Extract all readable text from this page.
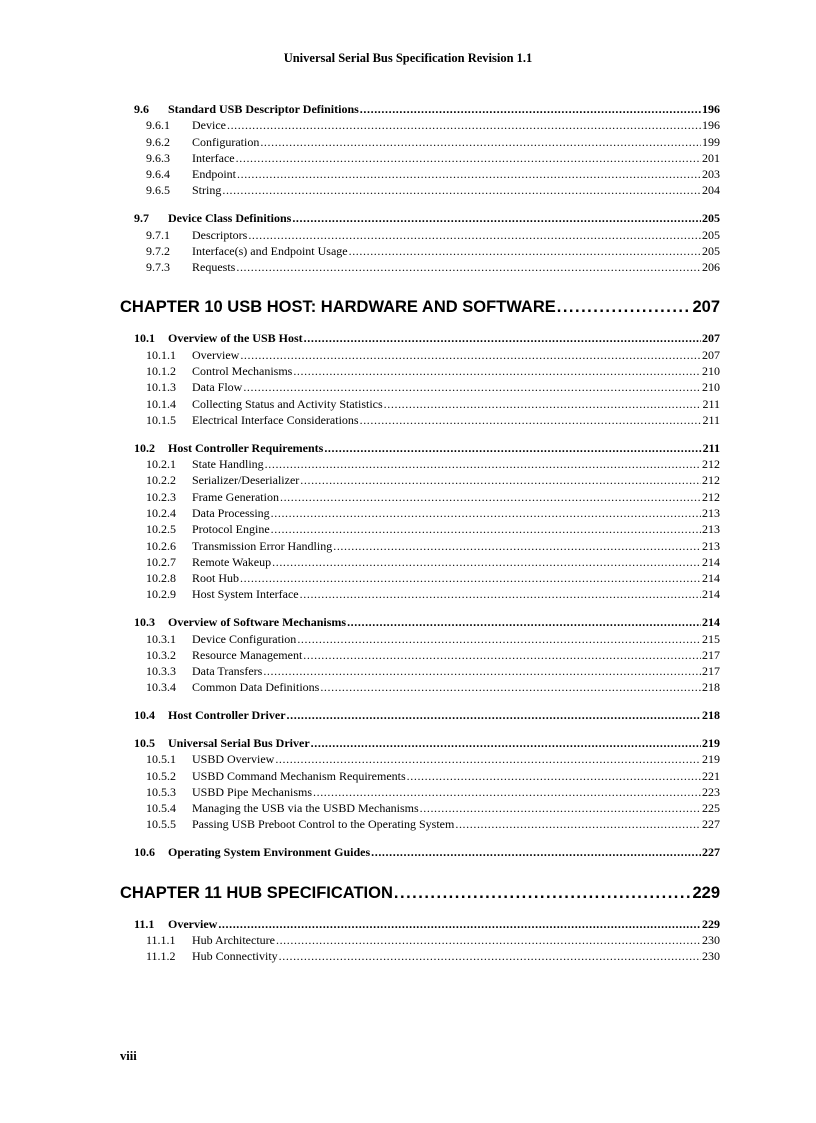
Universal Serial Bus Specification Revision 1.1
9.6	Standard USB Descriptor Definitions .....	196
9.6.1	Device .....	196
9.6.2	Configuration .....	199
9.6.3	Interface .....	201
9.6.4	Endpoint .....	203
9.6.5	String .....	204
9.7	Device Class Definitions .....	205
9.7.1	Descriptors .....	205
9.7.2	Interface(s) and Endpoint Usage .....	205
9.7.3	Requests .....	206
CHAPTER 10 USB HOST: HARDWARE AND SOFTWARE .....	207
10.1	Overview of the USB Host .....	207
10.1.1	Overview .....	207
10.1.2	Control Mechanisms .....	210
10.1.3	Data Flow .....	210
10.1.4	Collecting Status and Activity Statistics .....	211
10.1.5	Electrical Interface Considerations .....	211
10.2	Host Controller Requirements .....	211
10.2.1	State Handling .....	212
10.2.2	Serializer/Deserializer .....	212
10.2.3	Frame Generation .....	212
10.2.4	Data Processing .....	213
10.2.5	Protocol Engine .....	213
10.2.6	Transmission Error Handling .....	213
10.2.7	Remote Wakeup .....	214
10.2.8	Root Hub .....	214
10.2.9	Host System Interface .....	214
10.3	Overview of Software Mechanisms .....	214
10.3.1	Device Configuration .....	215
10.3.2	Resource Management .....	217
10.3.3	Data Transfers .....	217
10.3.4	Common Data Definitions .....	218
10.4	Host Controller Driver .....	218
10.5	Universal Serial Bus Driver .....	219
10.5.1	USBD Overview .....	219
10.5.2	USBD Command Mechanism Requirements .....	221
10.5.3	USBD Pipe Mechanisms .....	223
10.5.4	Managing the USB via the USBD Mechanisms .....	225
10.5.5	Passing USB Preboot Control to the Operating System .....	227
10.6	Operating System Environment Guides .....	227
CHAPTER 11 HUB SPECIFICATION .....	229
11.1	Overview .....	229
11.1.1	Hub Architecture .....	230
11.1.2	Hub Connectivity .....	230
viii
